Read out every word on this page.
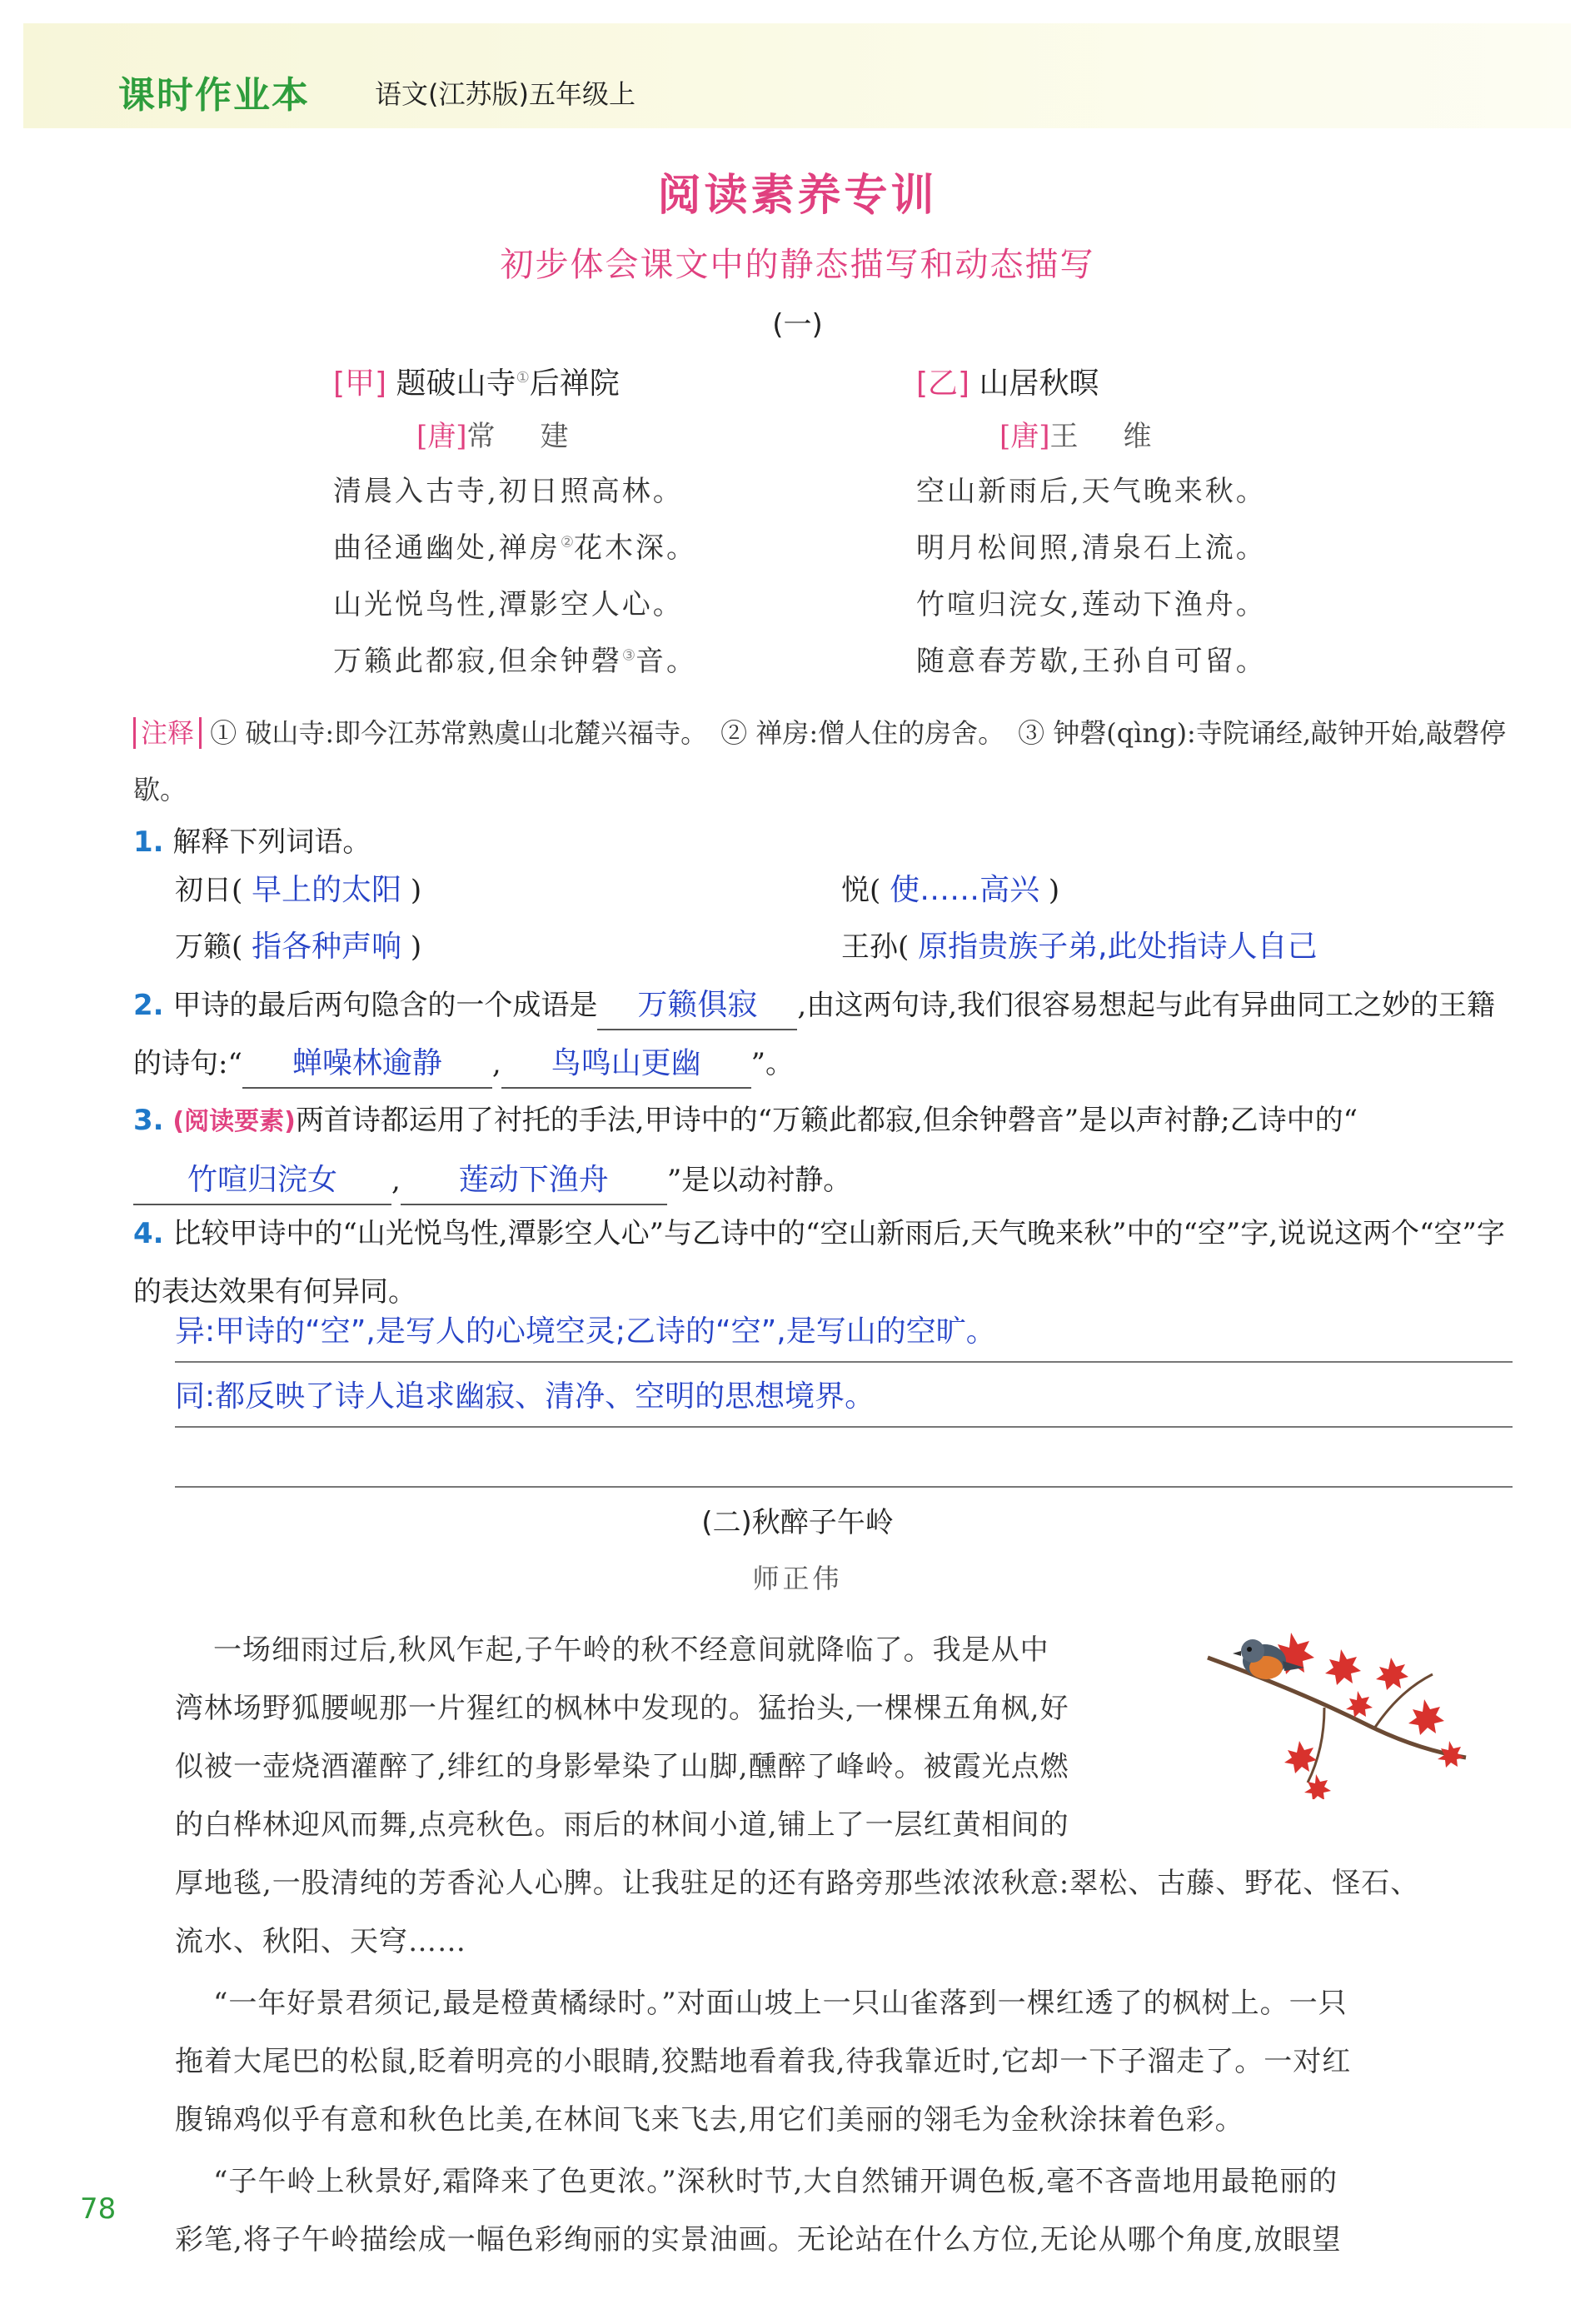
课时作业本 语文(江苏版)五年级上
阅读素养专训
初步体会课文中的静态描写和动态描写
(一)
[甲] 题破山寺①后禅院
[唐]常　建
清晨入古寺,初日照高林。
曲径通幽处,禅房②花木深。
山光悦鸟性,潭影空人心。
万籁此都寂,但余钟磬③音。
[乙] 山居秋暝
[唐]王　维
空山新雨后,天气晚来秋。
明月松间照,清泉石上流。
竹喧归浣女,莲动下渔舟。
随意春芳歇,王孙自可留。
注释 ① 破山寺:即今江苏常熟虞山北麓兴福寺。　② 禅房:僧人住的房舍。　③ 钟磬(qìng):寺院诵经,敲钟开始,敲磬停歇。
1. 解释下列词语。
初日( 早上的太阳 )	悦( 使……高兴 )
万籁( 指各种声响 )	王孙( 原指贵族子弟,此处指诗人自己
2. 甲诗的最后两句隐含的一个成语是 万籁俱寂 ,由这两句诗,我们很容易想起与此有异曲同工之妙的王籍的诗句:“ 蝉噪林逾静 , 鸟鸣山更幽 ”。
3. (阅读要素)两首诗都运用了衬托的手法,甲诗中的“万籁此都寂,但余钟磬音”是以声衬静;乙诗中的“竹喧归浣女 , 莲动下渔舟 ”是以动衬静。
4. 比较甲诗中的“山光悦鸟性,潭影空人心”与乙诗中的“空山新雨后,天气晚来秋”中的“空”字,说说这两个“空”字的表达效果有何异同。
异:甲诗的“空”,是写人的心境空灵;乙诗的“空”,是写山的空旷。
同:都反映了诗人追求幽寂、清净、空明的思想境界。
(二)秋醉子午岭
师正伟
一场细雨过后,秋风乍起,子午岭的秋不经意间就降临了。我是从中
湾林场野狐腰岘那一片猩红的枫林中发现的。猛抬头,一棵棵五角枫,好
似被一壶烧酒灌醉了,绯红的身影晕染了山脚,醺醉了峰岭。被霞光点燃
的白桦林迎风而舞,点亮秋色。雨后的林间小道,铺上了一层红黄相间的
厚地毯,一股清纯的芳香沁人心脾。让我驻足的还有路旁那些浓浓秋意:翠松、古藤、野花、怪石、
流水、秋阳、天穹……
“一年好景君须记,最是橙黄橘绿时。”对面山坡上一只山雀落到一棵红透了的枫树上。一只
拖着大尾巴的松鼠,眨着明亮的小眼睛,狡黠地看着我,待我靠近时,它却一下子溜走了。一对红
腹锦鸡似乎有意和秋色比美,在林间飞来飞去,用它们美丽的翎毛为金秋涂抹着色彩。
“子午岭上秋景好,霜降来了色更浓。”深秋时节,大自然铺开调色板,毫不吝啬地用最艳丽的
彩笔,将子午岭描绘成一幅色彩绚丽的实景油画。无论站在什么方位,无论从哪个角度,放眼望
78
